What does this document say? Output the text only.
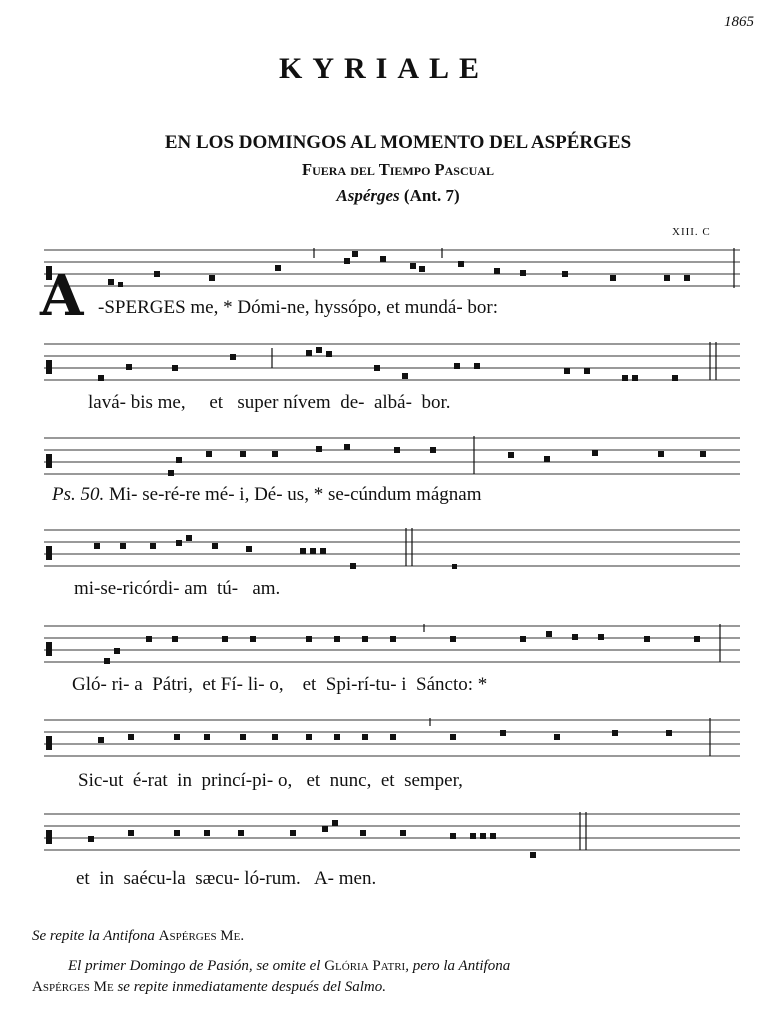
1865
KYRIALE
EN LOS DOMINGOS AL MOMENTO DEL ASPÉRGES
Fuera del Tiempo Pascual
Aspérges (Ant. 7)
XIII. C
A -SPERGES me, * Dómi-ne, hyssópo, et mundá- bor:
lavá- bis me,     et   super nívem  de-  albá-  bor.
Ps. 50. Mi- se-ré-re mé- i, Dé- us, * se-cúndum mágnam
mi-se-ricórdi- am  tú-   am.
Gló- ri- a  Pátri,  et Fí- li- o,    et  Spi-rí-tu- i  Sáncto: *
Sic-ut  é-rat  in  princí-pi- o,   et  nunc,  et  semper,
et  in  saécu-la  sæcu- ló-rum.   A- men.
Se repite la Antifona Aspérges Me.
El primer Domingo de Pasión, se omite el Glória Patri, pero la Antifona
Aspérges Me se repite inmediatamente después del Salmo.
